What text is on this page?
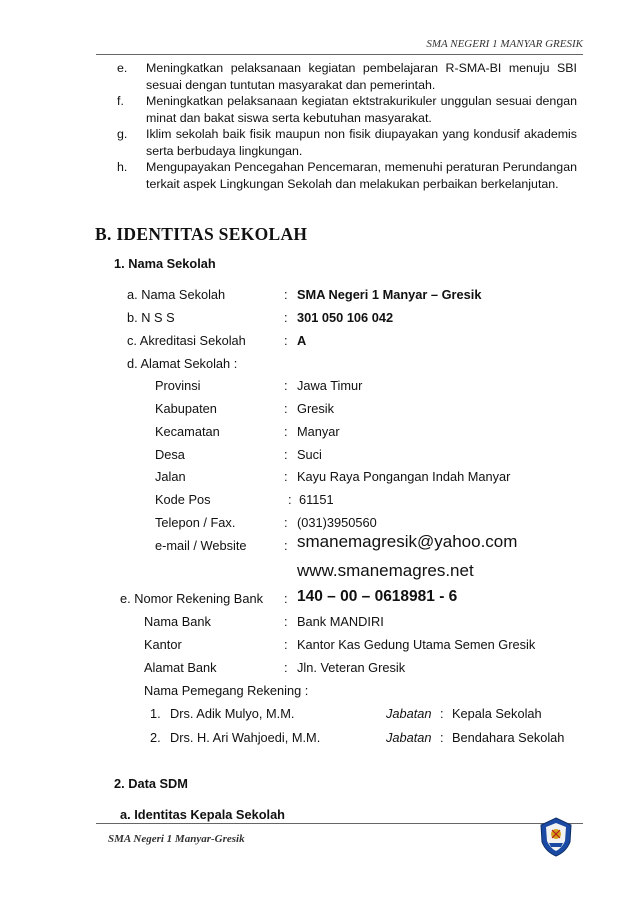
SMA NEGERI 1 MANYAR GRESIK
e. Meningkatkan pelaksanaan kegiatan pembelajaran R-SMA-BI menuju SBI sesuai dengan tuntutan masyarakat dan pemerintah.
f. Meningkatkan pelaksanaan kegiatan ektstrakurikuler unggulan sesuai dengan minat dan bakat siswa serta kebutuhan masyarakat.
g. Iklim sekolah baik fisik maupun non fisik diupayakan yang kondusif akademis serta berbudaya lingkungan.
h. Mengupayakan Pencegahan Pencemaran, memenuhi peraturan Perundangan terkait aspek Lingkungan Sekolah dan melakukan perbaikan berkelanjutan.
B. IDENTITAS SEKOLAH
1. Nama Sekolah
a. Nama Sekolah	: SMA Negeri 1 Manyar – Gresik
b. N S S	: 301 050 106 042
c. Akreditasi Sekolah	: A
d. Alamat Sekolah :
Provinsi	: Jawa Timur
Kabupaten	: Gresik
Kecamatan	: Manyar
Desa	: Suci
Jalan	: Kayu Raya Pongangan Indah Manyar
Kode Pos	: 61151
Telepon / Fax.	: (031)3950560
e-mail / Website	: smanemagresik@yahoo.com
www.smanemagres.net
e. Nomor Rekening Bank : 140 – 00 – 0618981 - 6
Nama Bank	: Bank MANDIRI
Kantor	: Kantor Kas Gedung Utama Semen Gresik
Alamat Bank	: Jln. Veteran Gresik
Nama Pemegang Rekening :
1. Drs. Adik Mulyo, M.M.	Jabatan : Kepala Sekolah
2. Drs. H. Ari Wahjoedi, M.M.	Jabatan : Bendahara Sekolah
2. Data SDM
a. Identitas Kepala Sekolah
SMA Negeri 1 Manyar-Gresik
